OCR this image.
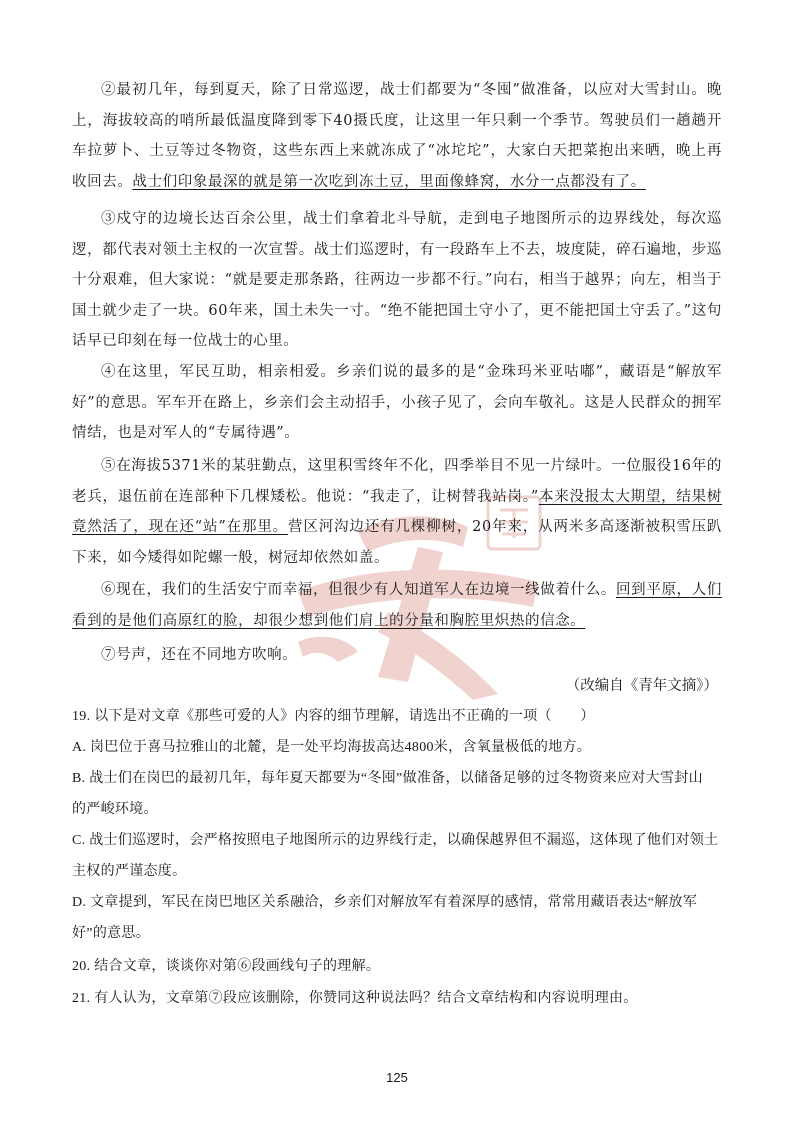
②最初几年，每到夏天，除了日常巡逻，战士们都要为“冬囤”做准备，以应对大雪封山。晚上，海拔较高的哨所最低温度降到零下40摄氏度，让这里一年只剩一个季节。驾驶员们一趟趟开车拉萝卜、土豆等过冬物资，这些东西上来就冻成了“冰坨坨”，大家白天把菜抱出来晒，晚上再收回去。战士们印象最深的就是第一次吃到冻土豆，里面像蜂窝，水分一点都没有了。

③戍守的边境长达百余公里，战士们拿着北斗导航，走到电子地图所示的边界线处，每次巡逻，都代表对领土主权的一次宣誓。战士们巡逻时，有一段路车上不去，坡度陡，碎石遍地，步巡十分艰难，但大家说：“就是要走那条路，往两边一步都不行。”向右，相当于越界；向左，相当于国土就少走了一块。60年来，国土未失一寸。“绝不能把国土守小了，更不能把国土守丢了。”这句话早已印刻在每一位战士的心里。

④在这里，军民互助，相亲相爱。乡亲们说的最多的是“金珠玛米亚咕嘟”，藏语是“解放军好”的意思。军车开在路上，乡亲们会主动招手，小孩子见了，会向车敬礼。这是人民群众的拥军情结，也是对军人的“专属待遇”。

⑤在海拔5371米的某驻勤点，这里积雪终年不化，四季举目不见一片绿叶。一位服役16年的老兵，退伍前在连部种下几棵矮松。他说：“我走了，让树替我站岗。”本来没报太大期望，结果树竟然活了，现在还“站”在那里。营区河沟边还有几棵柳树，20年来，从两米多高逐渐被积雪压趴下来，如今矮得如陀螺一般，树冠却依然如盖。

⑥现在，我们的生活安宁而幸福，但很少有人知道军人在边境一线做着什么。回到平原，人们看到的是他们高原红的脸，却很少想到他们肩上的分量和胸腔里炽热的信念。

⑦号声，还在不同地方吹响。

（改编自《青年文摘》）

19. 以下是对文章《那些可爱的人》内容的细节理解，请选出不正确的一项（　　）

A. 岗巴位于喜马拉雅山的北麓，是一处平均海拔高达4800米，含氧量极低的地方。

B. 战士们在岗巴的最初几年，每年夏天都要为“冬囤”做准备，以储备足够的过冬物资来应对大雪封山

的严峻环境。

C. 战士们巡逻时，会严格按照电子地图所示的边界线行走，以确保越界但不漏巡，这体现了他们对领土

主权的严谨态度。

D. 文章提到，军民在岗巴地区关系融洽，乡亲们对解放军有着深厚的感情，常常用藏语表达“解放军

好”的意思。

20. 结合文章，谈谈你对第⑥段画线句子的理解。

21. 有人认为，文章第⑦段应该删除，你赞同这种说法吗？结合文章结构和内容说明理由。

125
